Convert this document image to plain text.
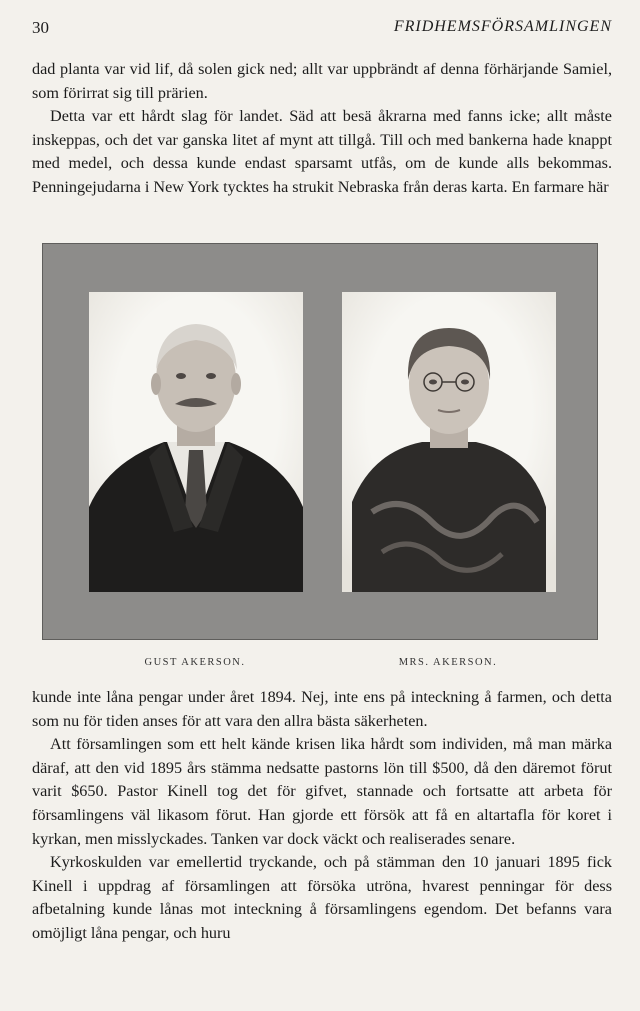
30	FRIDHEMSFÖRSAMLINGEN

dad planta var vid lif, då solen gick ned; allt var uppbrändt af denna förhärjande Samiel, som förirrat sig till prärien.

Detta var ett hårdt slag för landet. Säd att besä åkrarna med fanns icke; allt måste inskeppas, och det var ganska litet af mynt att tillgå. Till och med bankerna hade knappt med medel, och dessa kunde endast sparsamt utfås, om de kunde alls bekommas. Penningejudarna i New York tycktes ha strukit Nebraska från deras karta. En farmare här

GUST AKERSON.	MRS. AKERSON.

kunde inte låna pengar under året 1894. Nej, inte ens på inteckning å farmen, och detta som nu för tiden anses för att vara den allra bästa säkerheten.

Att församlingen som ett helt kände krisen lika hårdt som individen, må man märka däraf, att den vid 1895 års stämma nedsatte pastorns lön till $500, då den däremot förut varit $650. Pastor Kinell tog det för gifvet, stannade och fortsatte att arbeta för församlingens väl likasom förut. Han gjorde ett försök att få en altartafla för koret i kyrkan, men misslyckades. Tanken var dock väckt och realiserades senare.

Kyrkoskulden var emellertid tryckande, och på stämman den 10 januari 1895 fick Kinell i uppdrag af församlingen att försöka utröna, hvarest penningar för dess afbetalning kunde lånas mot inteckning å församlingens egendom. Det befanns vara omöjligt låna pengar, och huru
